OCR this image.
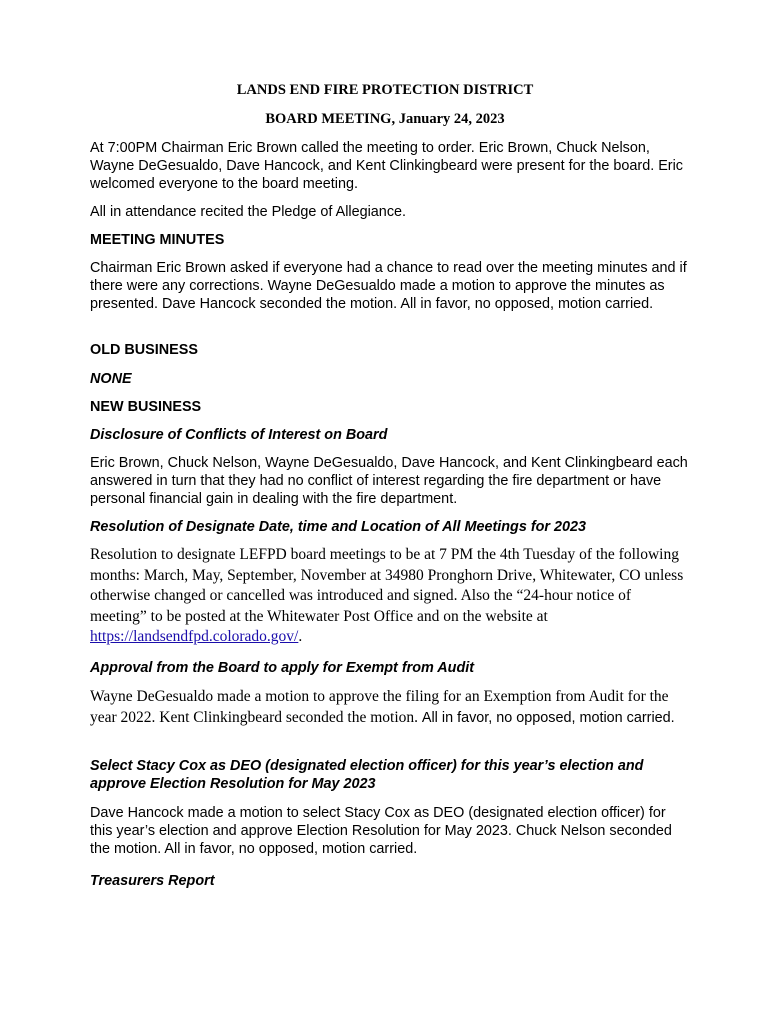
LANDS END FIRE PROTECTION DISTRICT
BOARD MEETING, January 24, 2023

At 7:00PM Chairman Eric Brown called the meeting to order. Eric Brown, Chuck Nelson, Wayne DeGesualdo, Dave Hancock, and Kent Clinkingbeard were present for the board. Eric welcomed everyone to the board meeting.

All in attendance recited the Pledge of Allegiance.

MEETING MINUTES

Chairman Eric Brown asked if everyone had a chance to read over the meeting minutes and if there were any corrections. Wayne DeGesualdo made a motion to approve the minutes as presented. Dave Hancock seconded the motion. All in favor, no opposed, motion carried.

OLD BUSINESS
NONE
NEW BUSINESS
Disclosure of Conflicts of Interest on Board

Eric Brown, Chuck Nelson, Wayne DeGesualdo, Dave Hancock, and Kent Clinkingbeard each answered in turn that they had no conflict of interest regarding the fire department or have personal financial gain in dealing with the fire department.

Resolution of Designate Date, time and Location of All Meetings for 2023

Resolution to designate LEFPD board meetings to be at 7 PM the 4th Tuesday of the following months: March, May, September, November at 34980 Pronghorn Drive, Whitewater, CO unless otherwise changed or cancelled was introduced and signed. Also the “24-hour notice of meeting” to be posted at the Whitewater Post Office and on the website at https://landsendfpd.colorado.gov/.

Approval from the Board to apply for Exempt from Audit

Wayne DeGesualdo made a motion to approve the filing for an Exemption from Audit for the year 2022. Kent Clinkingbeard seconded the motion. All in favor, no opposed, motion carried.

Select Stacy Cox as DEO (designated election officer) for this year’s election and approve Election Resolution for May 2023

Dave Hancock made a motion to select Stacy Cox as DEO (designated election officer) for this year’s election and approve Election Resolution for May 2023. Chuck Nelson seconded the motion. All in favor, no opposed, motion carried.

Treasurers Report
